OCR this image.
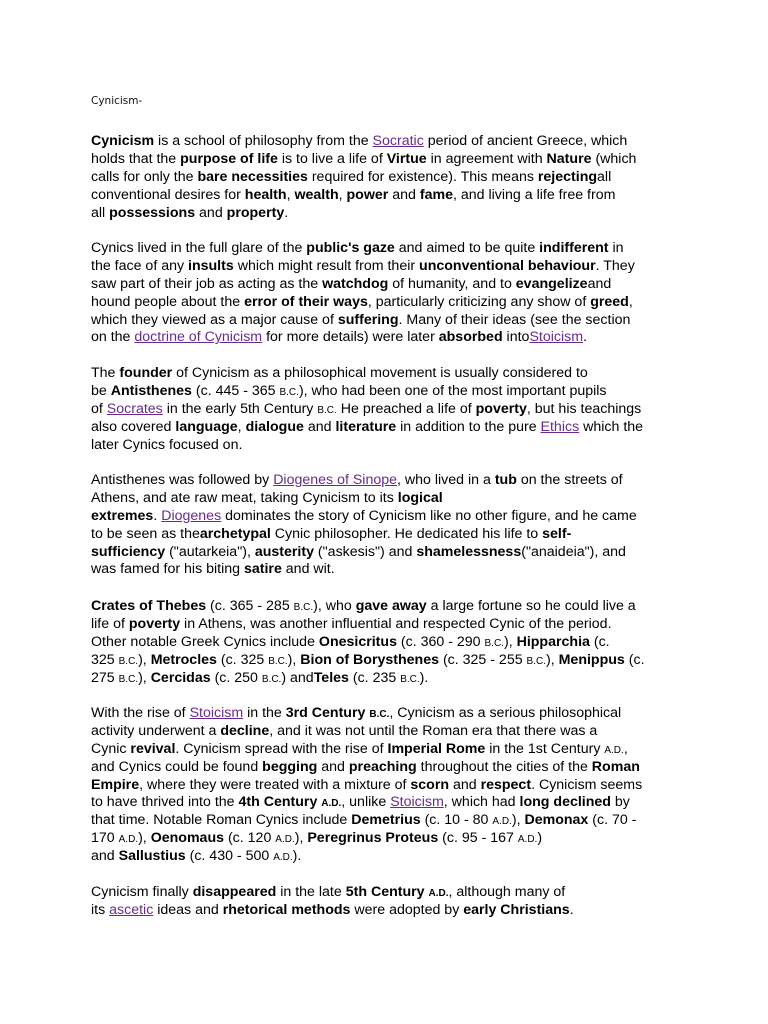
Cynicism-

Cynicism is a school of philosophy from the Socratic period of ancient Greece, which
holds that the purpose of life is to live a life of Virtue in agreement with Nature (which
calls for only the bare necessities required for existence). This means rejectingall
conventional desires for health, wealth, power and fame, and living a life free from
all possessions and property.

Cynics lived in the full glare of the public's gaze and aimed to be quite indifferent in
the face of any insults which might result from their unconventional behaviour. They
saw part of their job as acting as the watchdog of humanity, and to evangelizeand
hound people about the error of their ways, particularly criticizing any show of greed,
which they viewed as a major cause of suffering. Many of their ideas (see the section
on the doctrine of Cynicism for more details) were later absorbed intoStoicism.

The founder of Cynicism as a philosophical movement is usually considered to
be Antisthenes (c. 445 - 365 B.C.), who had been one of the most important pupils
of Socrates in the early 5th Century B.C. He preached a life of poverty, but his teachings
also covered language, dialogue and literature in addition to the pure Ethics which the
later Cynics focused on.

Antisthenes was followed by Diogenes of Sinope, who lived in a tub on the streets of
Athens, and ate raw meat, taking Cynicism to its logical
extremes. Diogenes dominates the story of Cynicism like no other figure, and he came
to be seen as thearchetypal Cynic philosopher. He dedicated his life to self-
sufficiency ("autarkeia"), austerity ("askesis") and shamelessness("anaideia"), and
was famed for his biting satire and wit.

Crates of Thebes (c. 365 - 285 B.C.), who gave away a large fortune so he could live a
life of poverty in Athens, was another influential and respected Cynic of the period.
Other notable Greek Cynics include Onesicritus (c. 360 - 290 B.C.), Hipparchia (c.
325 B.C.), Metrocles (c. 325 B.C.), Bion of Borysthenes (c. 325 - 255 B.C.), Menippus (c.
275 B.C.), Cercidas (c. 250 B.C.) andTeles (c. 235 B.C.).

With the rise of Stoicism in the 3rd Century B.C., Cynicism as a serious philosophical
activity underwent a decline, and it was not until the Roman era that there was a
Cynic revival. Cynicism spread with the rise of Imperial Rome in the 1st Century A.D.,
and Cynics could be found begging and preaching throughout the cities of the Roman
Empire, where they were treated with a mixture of scorn and respect. Cynicism seems
to have thrived into the 4th Century A.D., unlike Stoicism, which had long declined by
that time. Notable Roman Cynics include Demetrius (c. 10 - 80 A.D.), Demonax (c. 70 -
170 A.D.), Oenomaus (c. 120 A.D.), Peregrinus Proteus (c. 95 - 167 A.D.)
and Sallustius (c. 430 - 500 A.D.).

Cynicism finally disappeared in the late 5th Century A.D., although many of
its ascetic ideas and rhetorical methods were adopted by early Christians.
